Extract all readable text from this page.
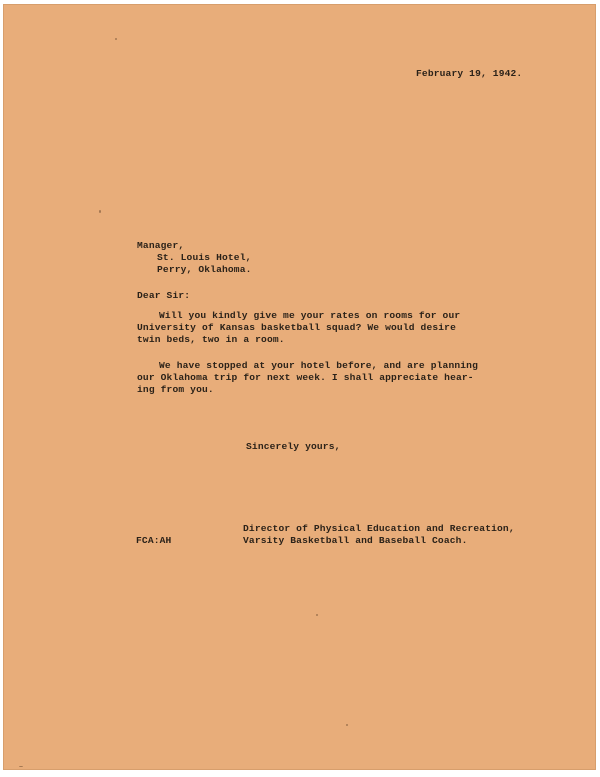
February 19, 1942.

Manager,

St. Louis Hotel,

Perry, Oklahoma.

Dear Sir:

Will you kindly give me your rates on rooms for our

University of Kansas basketball squad? We would desire

twin beds, two in a room.

We have stopped at your hotel before, and are planning

our Oklahoma trip for next week. I shall appreciate hear-

ing from you.

Sincerely yours,

Director of Physical Education and Recreation,

Varsity Basketball and Baseball Coach.

FCA:AH
